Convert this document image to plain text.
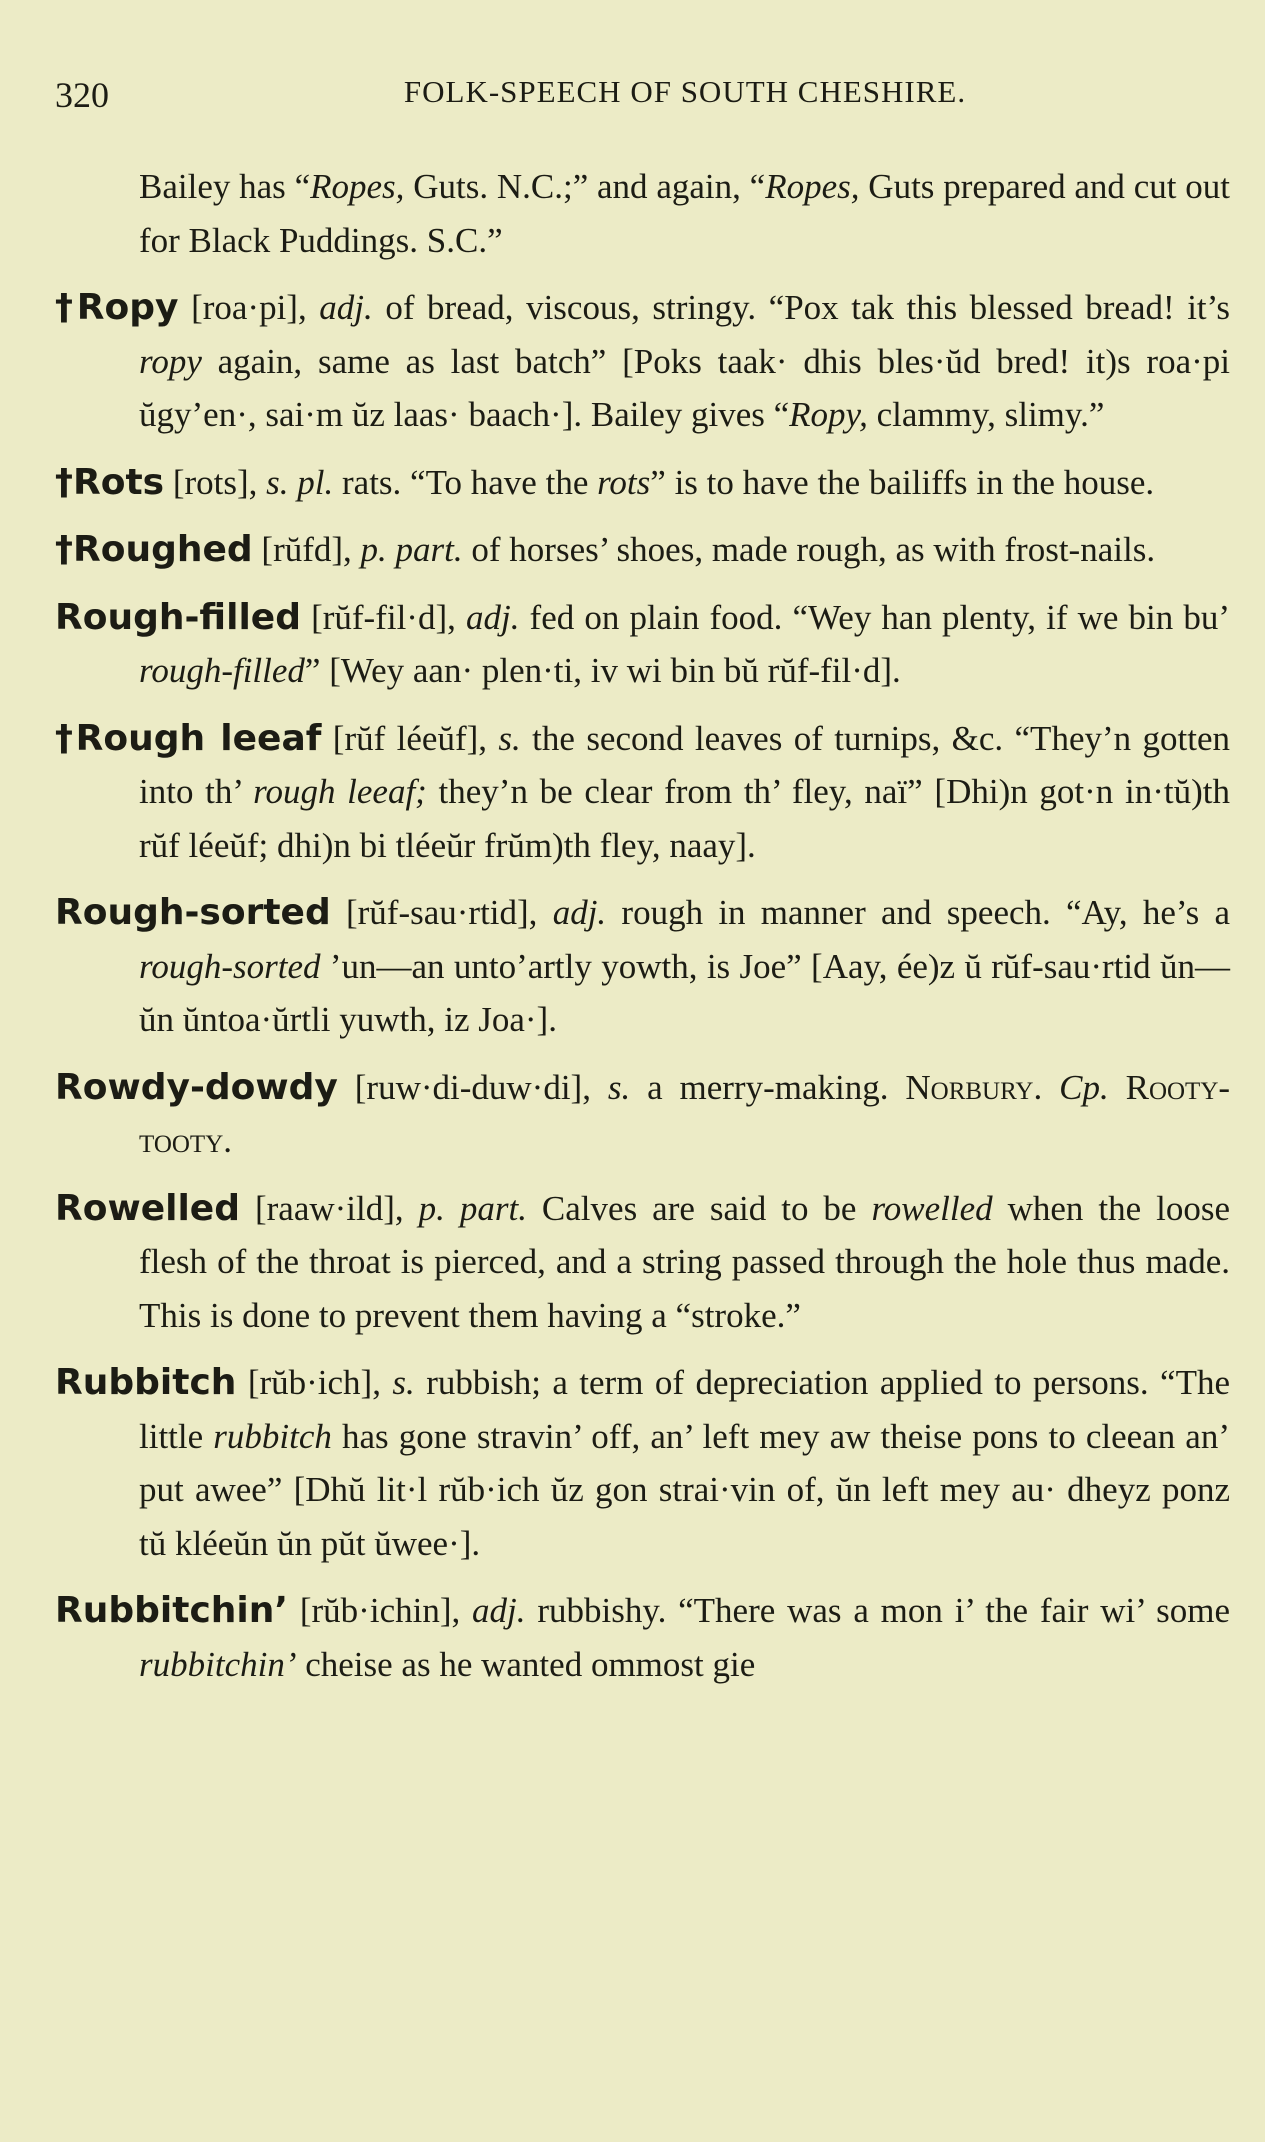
320	FOLK-SPEECH OF SOUTH CHESHIRE.

Bailey has “Ropes, Guts. N.C.;” and again, “Ropes, Guts prepared and cut out for Black Puddings. S.C.”

†Ropy [roa·pi], adj. of bread, viscous, stringy. “Pox tak this blessed bread! it’s ropy again, same as last batch” [Poks taak· dhis bles·ŭd bred! it)s roa·pi ŭgy’en·, sai·m ŭz laas· baach·]. Bailey gives “Ropy, clammy, slimy.”

†Rots [rots], s. pl. rats. “To have the rots” is to have the bailiffs in the house.

†Roughed [rŭfd], p. part. of horses’ shoes, made rough, as with frost-nails.

Rough-filled [rŭf-fil·d], adj. fed on plain food. “Wey han plenty, if we bin bu’ rough-filled” [Wey aan· plen·ti, iv wi bin bŭ rŭf-fil·d].

†Rough leeaf [rŭf léeŭf], s. the second leaves of turnips, &c. “They’n gotten into th’ rough leeaf; they’n be clear from th’ fley, naï” [Dhi)n got·n in·tŭ)th rŭf léeŭf; dhi)n bi tléeŭr frŭm)th fley, naay].

Rough-sorted [rŭf-sau·rtid], adj. rough in manner and speech. “Ay, he’s a rough-sorted ’un—an unto’artly yowth, is Joe” [Aay, ée)z ŭ rŭf-sau·rtid ŭn—ŭn ŭntoa·ŭrtli yuwth, iz Joa·].

Rowdy-dowdy [ruw·di-duw·di], s. a merry-making. Norbury. Cp. Rooty-tooty.

Rowelled [raaw·ild], p. part. Calves are said to be rowelled when the loose flesh of the throat is pierced, and a string passed through the hole thus made. This is done to prevent them having a “stroke.”

Rubbitch [rŭb·ich], s. rubbish; a term of depreciation applied to persons. “The little rubbitch has gone stravin’ off, an’ left mey aw theise pons to cleean an’ put awee” [Dhŭ lit·l rŭb·ich ŭz gon strai·vin of, ŭn left mey au· dheyz ponz tŭ kléeŭn ŭn pŭt ŭwee·].

Rubbitchin’ [rŭb·ichin], adj. rubbishy. “There was a mon i’ the fair wi’ some rubbitchin’ cheise as he wanted ommost gie
